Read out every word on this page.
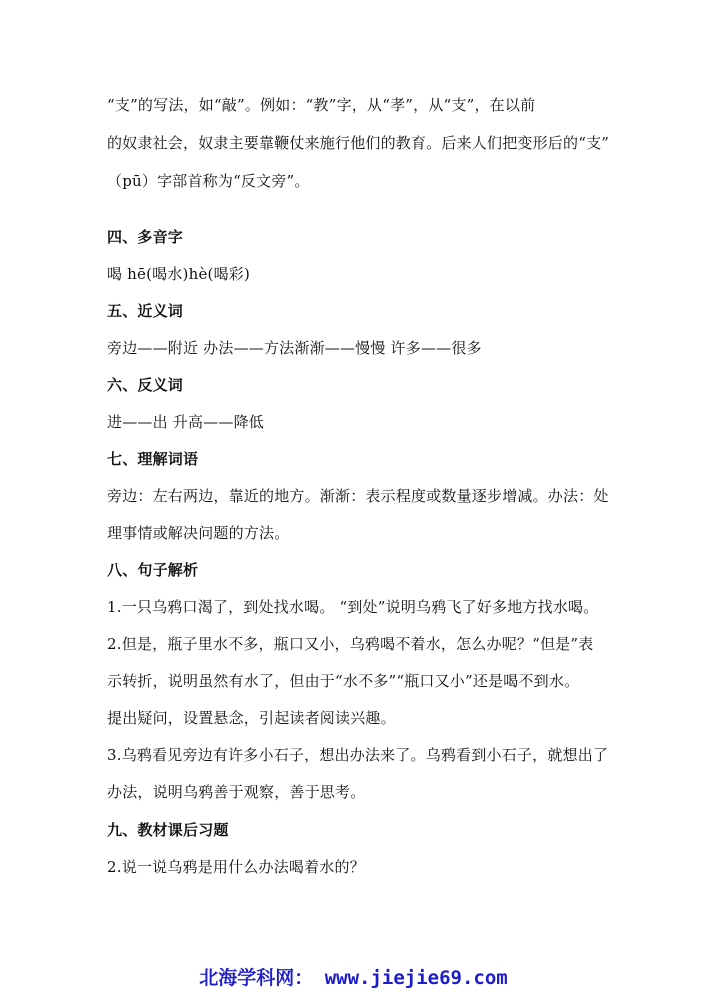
“支”的写法，如“敲”。例如：“教”字，从“孝”，从“支”，在以前
的奴隶社会，奴隶主要靠鞭仗来施行他们的教育。后来人们把变形后的“支”
（pū）字部首称为“反文旁”。
四、多音字
喝 hē(喝水)hè(喝彩)
五、近义词
旁边——附近 办法——方法渐渐——慢慢 许多——很多
六、反义词
进——出 升高——降低
七、理解词语
旁边：左右两边，靠近的地方。渐渐：表示程度或数量逐步增减。办法：处
理事情或解决问题的方法。
八、句子解析
1.一只乌鸦口渴了，到处找水喝。 “到处”说明乌鸦飞了好多地方找水喝。
2.但是，瓶子里水不多，瓶口又小，乌鸦喝不着水，怎么办呢？“但是”表
示转折，说明虽然有水了，但由于“水不多”“瓶口又小”还是喝不到水。
提出疑问，设置悬念，引起读者阅读兴趣。
3.乌鸦看见旁边有许多小石子，想出办法来了。乌鸦看到小石子，就想出了
办法，说明乌鸦善于观察，善于思考。
九、教材课后习题
2.说一说乌鸦是用什么办法喝着水的？
北海学科网： www.jiejie69.com
